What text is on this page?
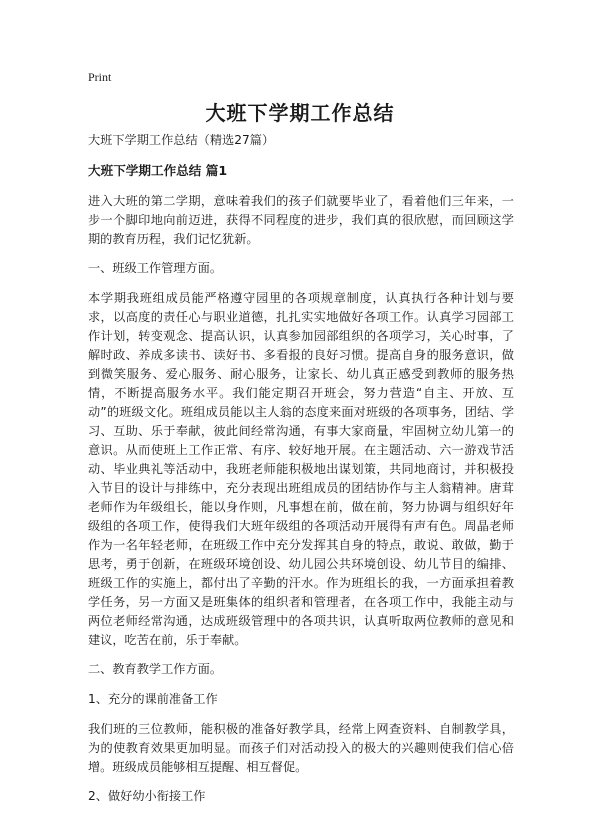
Print
大班下学期工作总结

大班下学期工作总结（精选27篇）

大班下学期工作总结 篇1

进入大班的第二学期，意味着我们的孩子们就要毕业了，看着他们三年来，一步一个脚印地向前迈进，获得不同程度的进步，我们真的很欣慰，而回顾这学期的教育历程，我们记忆犹新。

一、班级工作管理方面。

本学期我班组成员能严格遵守园里的各项规章制度，认真执行各种计划与要求，以高度的责任心与职业道德，扎扎实实地做好各项工作。认真学习园部工作计划，转变观念、提高认识，认真参加园部组织的各项学习，关心时事，了解时政、养成多读书、读好书、多看报的良好习惯。提高自身的服务意识，做到微笑服务、爱心服务、耐心服务，让家长、幼儿真正感受到教师的服务热情，不断提高服务水平。我们能定期召开班会，努力营造“自主、开放、互动”的班级文化。班组成员能以主人翁的态度来面对班级的各项事务，团结、学习、互助、乐于奉献，彼此间经常沟通，有事大家商量，牢固树立幼儿第一的意识。从而使班上工作正常、有序、较好地开展。在主题活动、六一游戏节活动、毕业典礼等活动中，我班老师能积极地出谋划策，共同地商讨，并积极投入节目的设计与排练中，充分表现出班组成员的团结协作与主人翁精神。唐茸老师作为年级组长，能以身作则，凡事想在前，做在前，努力协调与组织好年级组的各项工作，使得我们大班年级组的各项活动开展得有声有色。周晶老师作为一名年轻老师，在班级工作中充分发挥其自身的特点，敢说、敢做，勤于思考，勇于创新，在班级环境创设、幼儿园公共环境创设、幼儿节目的编排、班级工作的实施上，都付出了辛勤的汗水。作为班组长的我，一方面承担着教学任务，另一方面又是班集体的组织者和管理者，在各项工作中，我能主动与两位老师经常沟通，达成班级管理中的各项共识，认真听取两位教师的意见和建议，吃苦在前，乐于奉献。

二、教育教学工作方面。

1、充分的课前准备工作

我们班的三位教师，能积极的准备好教学具，经常上网查资料、自制教学具，为的使教育效果更加明显。而孩子们对活动投入的极大的兴趣则使我们信心倍增。班级成员能够相互提醒、相互督促。

2、做好幼小衔接工作
